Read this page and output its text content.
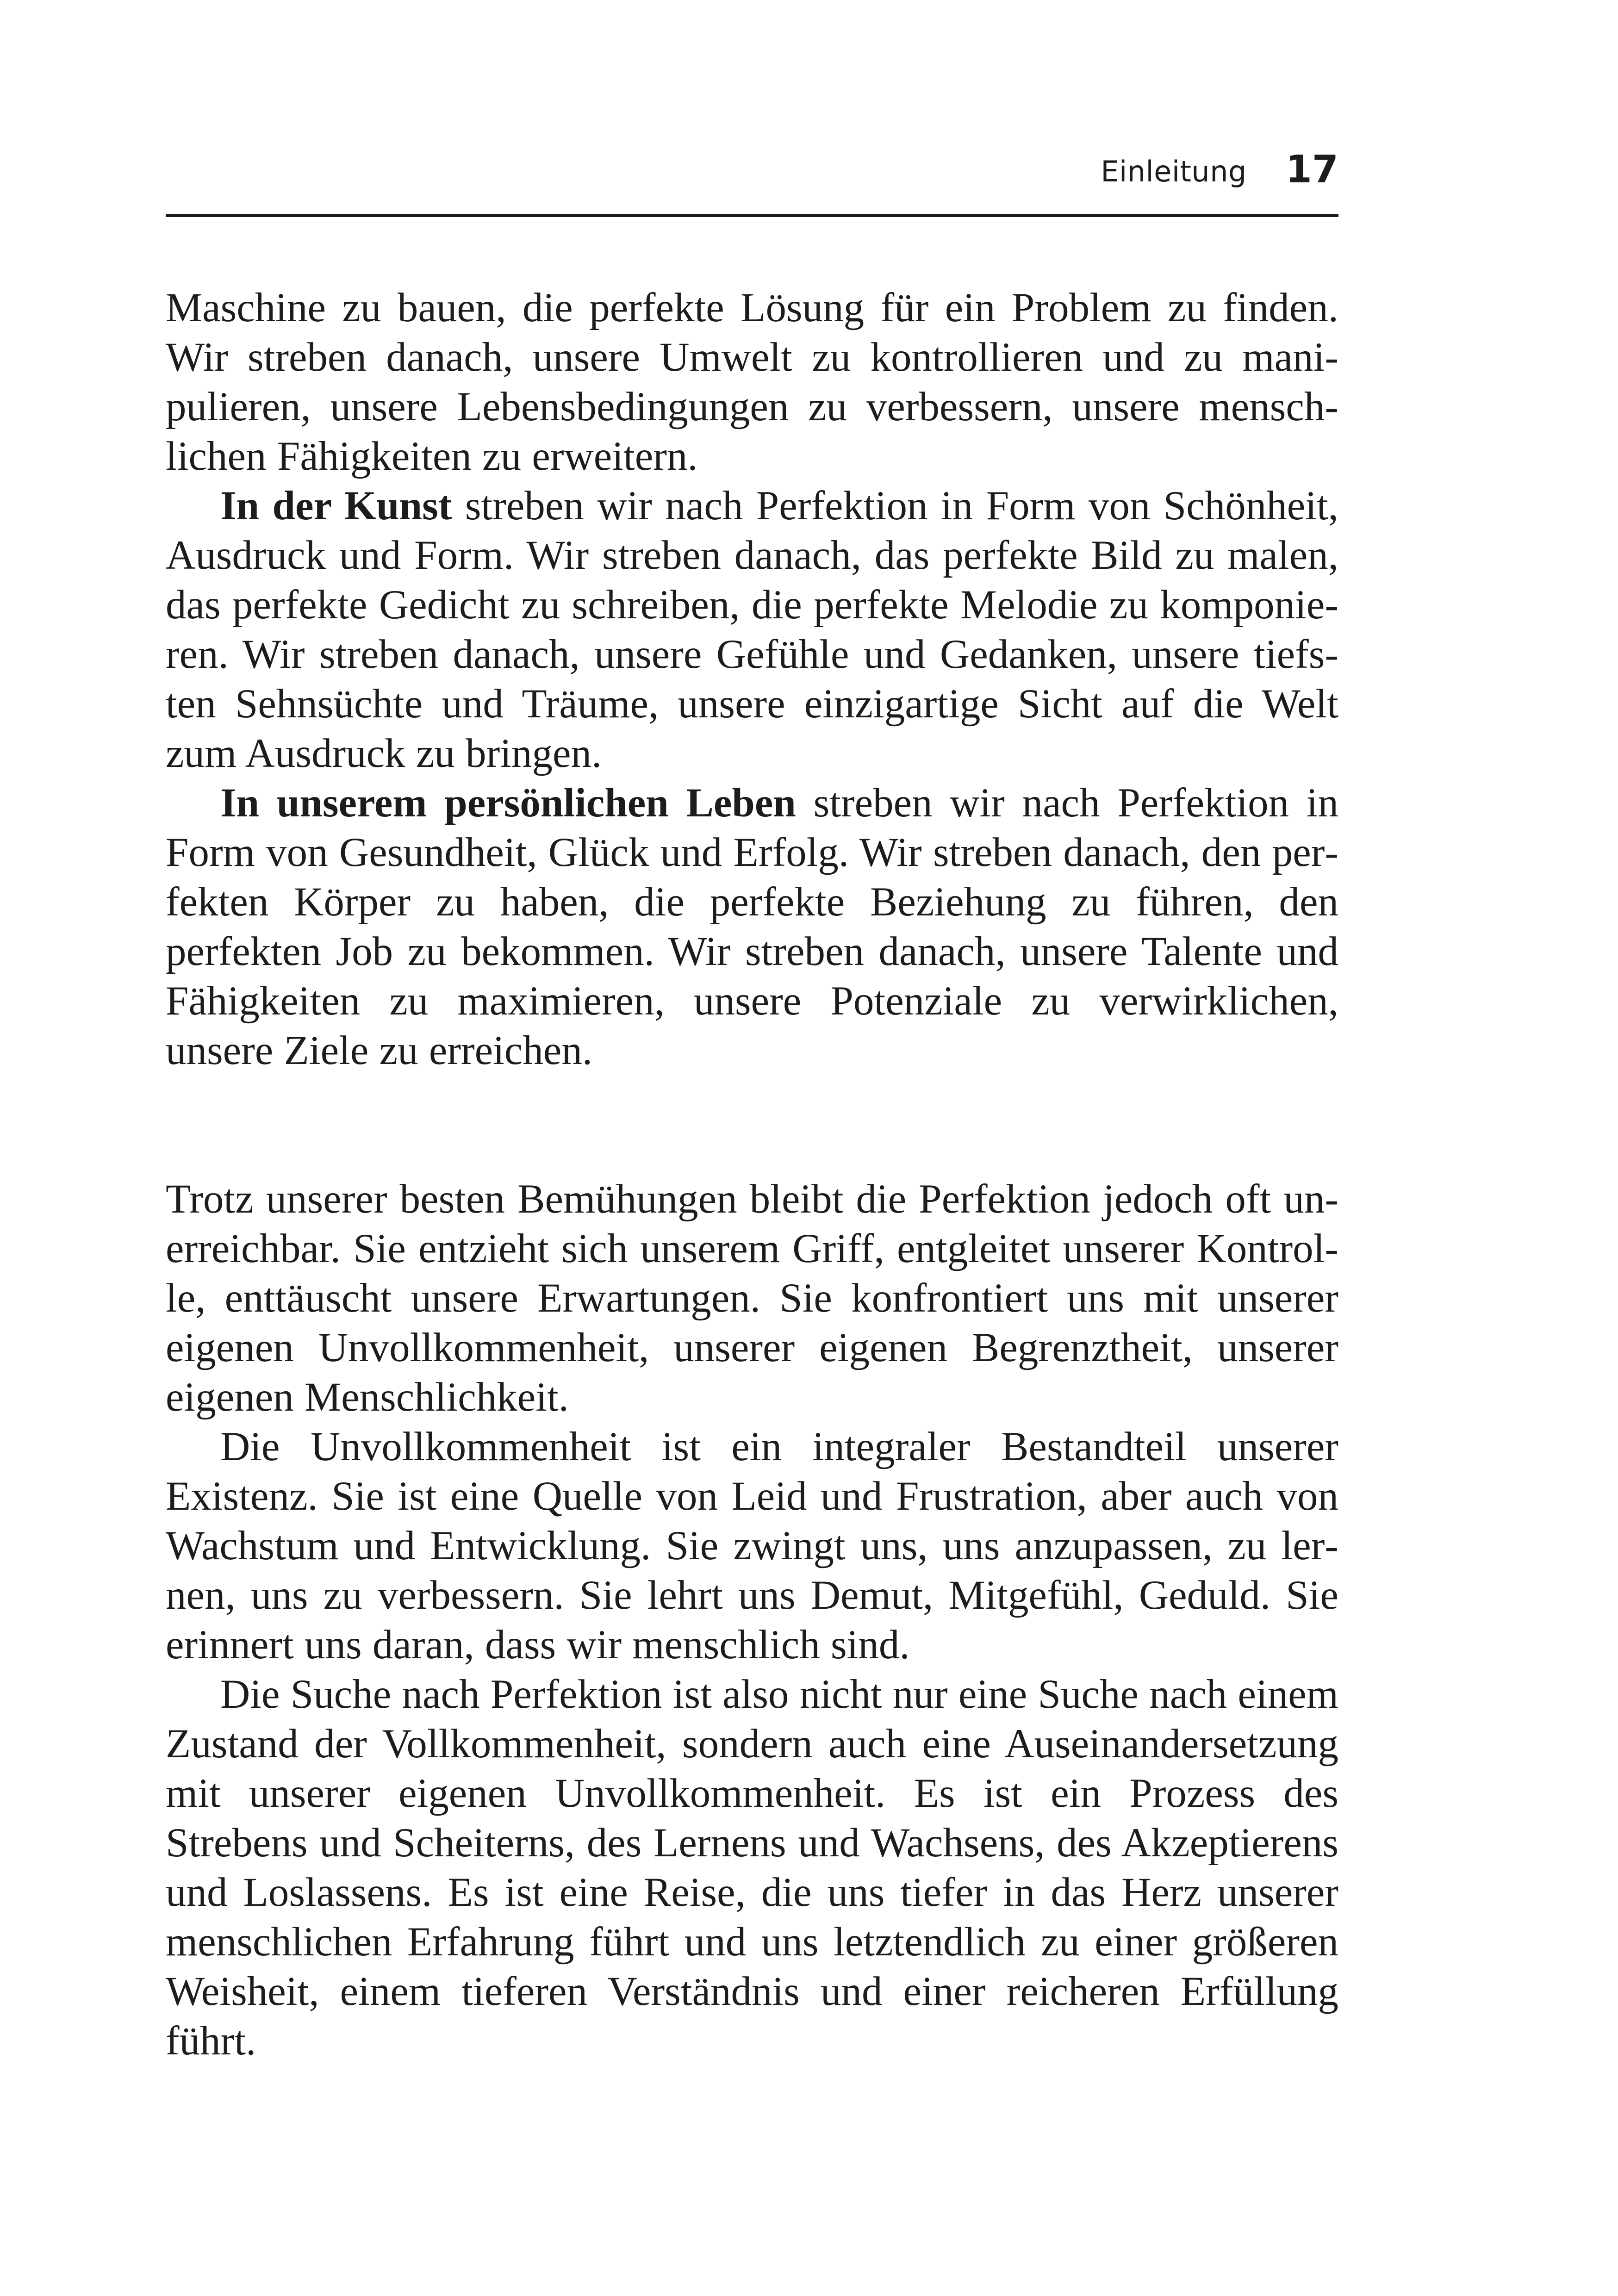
Einleitung 17

Maschine zu bauen, die perfekte Lösung für ein Problem zu finden. Wir streben danach, unsere Umwelt zu kontrollieren und zu manipulieren, unsere Lebensbedingungen zu verbessern, unsere menschlichen Fähigkeiten zu erweitern.

In der Kunst streben wir nach Perfektion in Form von Schönheit, Ausdruck und Form. Wir streben danach, das perfekte Bild zu malen, das perfekte Gedicht zu schreiben, die perfekte Melodie zu komponieren. Wir streben danach, unsere Gefühle und Gedanken, unsere tiefsten Sehnsüchte und Träume, unsere einzigartige Sicht auf die Welt zum Ausdruck zu bringen.

In unserem persönlichen Leben streben wir nach Perfektion in Form von Gesundheit, Glück und Erfolg. Wir streben danach, den perfekten Körper zu haben, die perfekte Beziehung zu führen, den perfekten Job zu bekommen. Wir streben danach, unsere Talente und Fähigkeiten zu maximieren, unsere Potenziale zu verwirklichen, unsere Ziele zu erreichen.

Trotz unserer besten Bemühungen bleibt die Perfektion jedoch oft unerreichbar. Sie entzieht sich unserem Griff, entgleitet unserer Kontrolle, enttäuscht unsere Erwartungen. Sie konfrontiert uns mit unserer eigenen Unvollkommenheit, unserer eigenen Begrenztheit, unserer eigenen Menschlichkeit.

Die Unvollkommenheit ist ein integraler Bestandteil unserer Existenz. Sie ist eine Quelle von Leid und Frustration, aber auch von Wachstum und Entwicklung. Sie zwingt uns, uns anzupassen, zu lernen, uns zu verbessern. Sie lehrt uns Demut, Mitgefühl, Geduld. Sie erinnert uns daran, dass wir menschlich sind.

Die Suche nach Perfektion ist also nicht nur eine Suche nach einem Zustand der Vollkommenheit, sondern auch eine Auseinandersetzung mit unserer eigenen Unvollkommenheit. Es ist ein Prozess des Strebens und Scheiterns, des Lernens und Wachsens, des Akzeptierens und Loslassens. Es ist eine Reise, die uns tiefer in das Herz unserer menschlichen Erfahrung führt und uns letztendlich zu einer größeren Weisheit, einem tieferen Verständnis und einer reicheren Erfüllung führt.
